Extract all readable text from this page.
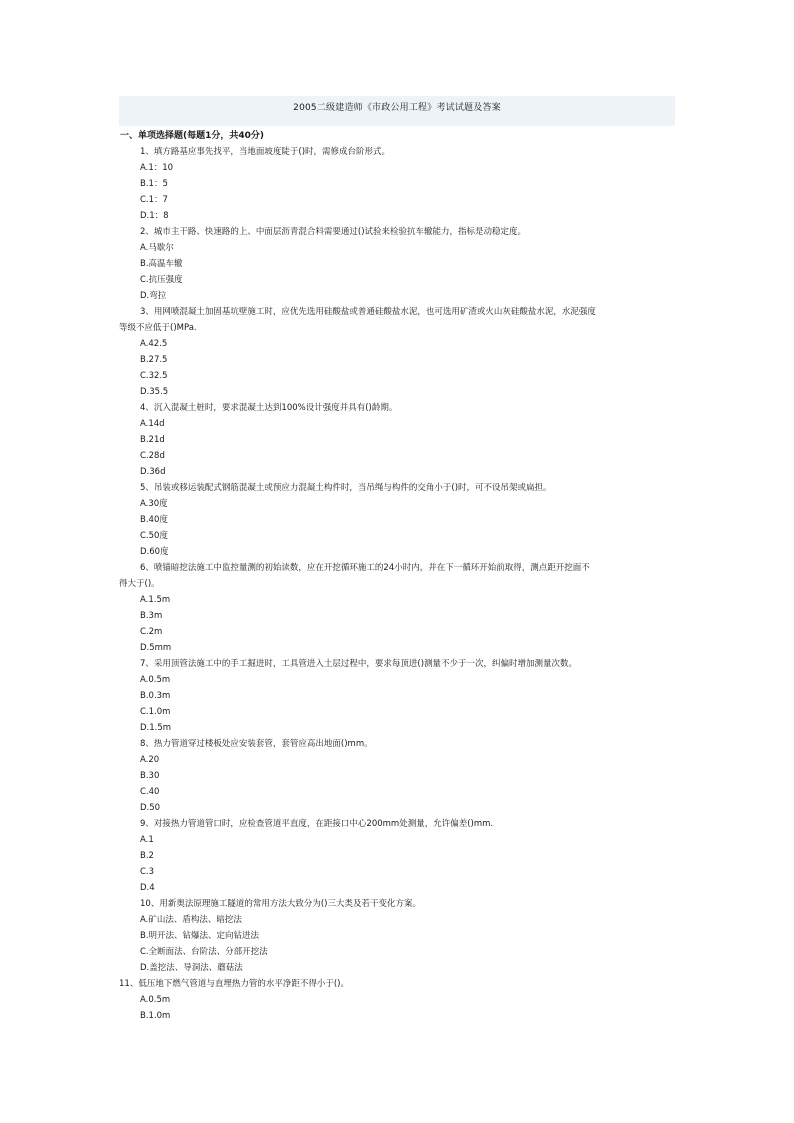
2005二级建造师《市政公用工程》考试试题及答案
一、单项选择题(每题1分，共40分)
1、填方路基应事先找平，当地面坡度陡于()时，需修成台阶形式。
A.1：10
B.1：5
C.1：7
D.1：8
2、城市主干路、快速路的上、中面层沥青混合料需要通过()试验来检验抗车辙能力，指标是动稳定度。
A.马歇尔
B.高温车辙
C.抗压强度
D.弯拉
3、用网喷混凝土加固基坑壁施工时，应优先选用硅酸盐或普通硅酸盐水泥，也可选用矿渣或火山灰硅酸盐水泥，水泥强度
等级不应低于()MPa.
A.42.5
B.27.5
C.32.5
D.35.5
4、沉入混凝土桩时，要求混凝土达到100%设计强度并具有()龄期。
A.14d
B.21d
C.28d
D.36d
5、吊装或移运装配式钢筋混凝土或预应力混凝土构件时，当吊绳与构件的交角小于()时，可不设吊架或扁担。
A.30度
B.40度
C.50度
D.60度
6、喷锚暗挖法施工中监控量测的初始读数，应在开挖循环施工的24小时内，并在下一循环开始前取得，测点距开挖面不
得大于()。
A.1.5m
B.3m
C.2m
D.5mm
7、采用顶管法施工中的手工掘进时，工具管进入土层过程中，要求每顶进()测量不少于一次，纠偏时增加测量次数。
A.0.5m
B.0.3m
C.1.0m
D.1.5m
8、热力管道穿过楼板处应安装套管，套管应高出地面()mm。
A.20
B.30
C.40
D.50
9、对接热力管道管口时，应检查管道平直度，在距接口中心200mm处测量，允许偏差()mm.
A.1
B.2
C.3
D.4
10、用新奥法原理施工隧道的常用方法大致分为()三大类及若干变化方案。
A.矿山法、盾构法、暗挖法
B.明开法、钻爆法、定向钻进法
C.全断面法、台阶法、分部开挖法
D.盖挖法、导洞法、蘑菇法
11、低压地下燃气管道与直埋热力管的水平净距不得小于()。
A.0.5m
B.1.0m
